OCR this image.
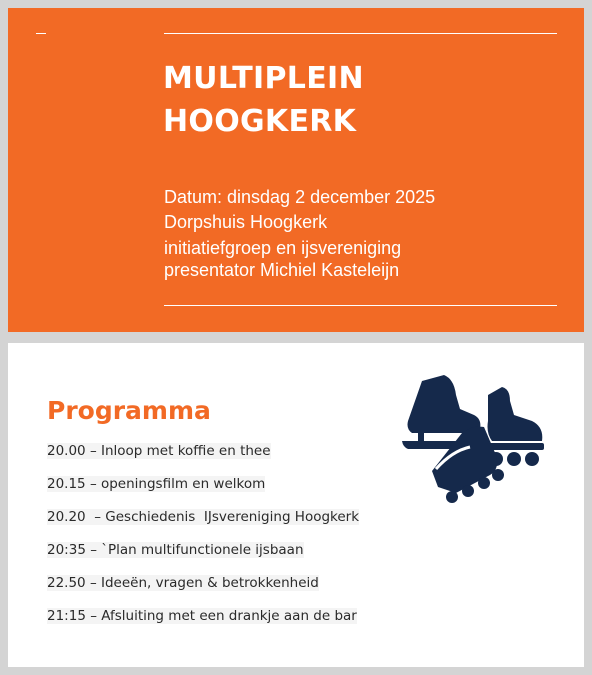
MULTIPLEIN
HOOGKERK
Datum: dinsdag 2 december 2025
Dorpshuis Hoogkerk
initiatiefgroep en ijsvereniging
presentator Michiel Kasteleijn
Programma
20.00 – Inloop met koffie en thee
20.15 – openingsfilm en welkom
20.20  – Geschiedenis  IJsvereniging Hoogkerk
20:35 – `Plan multifunctionele ijsbaan
22.50 – Ideeën, vragen & betrokkenheid
21:15 – Afsluiting met een drankje aan de bar
